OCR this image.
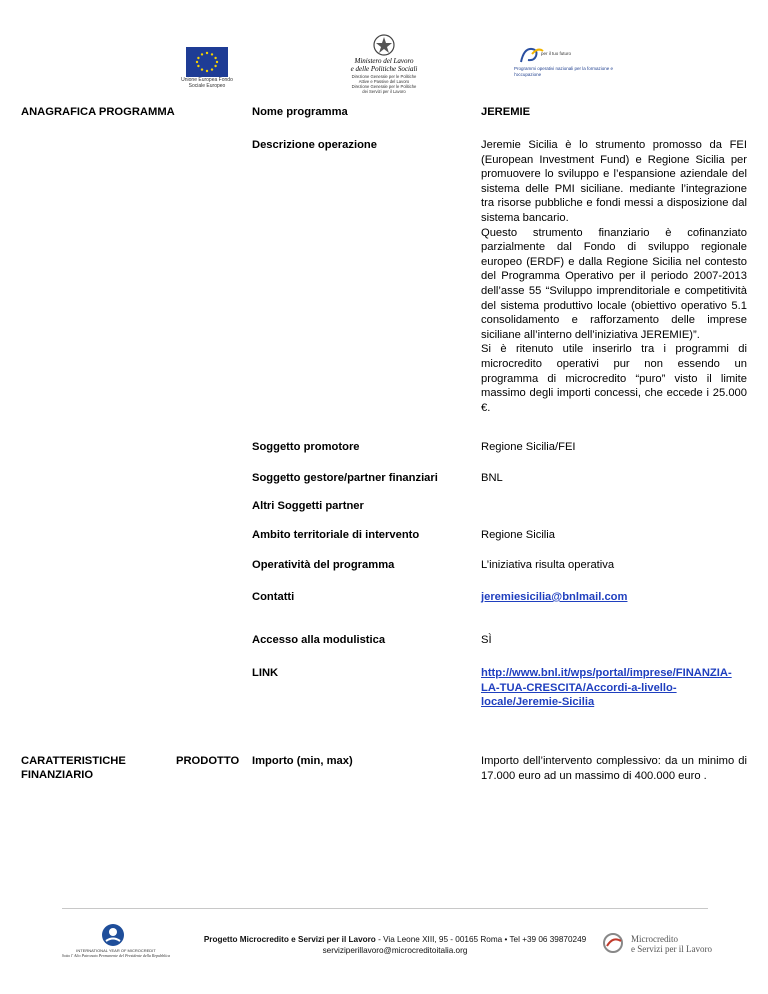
Unione Europea Fondo Sociale Europeo
Ministero del Lavoro
e delle Politiche Sociali
Direzione Generale per le Politiche
Attive e Passive del Lavoro
Direzione Generale per le Politiche
dei Servizi per il Lavoro
per il tuo futuro
Programmi operativi nazionali per la formazione e l'occupazione
ANAGRAFICA PROGRAMMA	Nome programma	JEREMIE
Descrizione operazione	Jeremie Sicilia è lo strumento promosso da FEI (European Investment Fund) e Regione Sicilia per promuovere lo sviluppo e l’espansione aziendale del sistema delle PMI siciliane. mediante l’integrazione tra risorse pubbliche e fondi messi a disposizione dal sistema bancario.
Questo strumento finanziario è cofinanziato parzialmente dal Fondo di sviluppo regionale europeo (ERDF) e dalla Regione Sicilia nel contesto del Programma Operativo per il periodo 2007-2013 dell’asse 55 “Sviluppo imprenditoriale e competitività del sistema produttivo locale (obiettivo operativo 5.1 consolidamento e rafforzamento delle imprese siciliane all’interno dell’iniziativa JEREMIE)”.
Si è ritenuto utile inserirlo tra i programmi di microcredito operativi pur non essendo un programma di microcredito “puro” visto il limite massimo degli importi concessi, che eccede i 25.000 €.
Soggetto promotore	Regione Sicilia/FEI
Soggetto gestore/partner finanziari	BNL
Altri Soggetti partner
Ambito territoriale di intervento	Regione Sicilia
Operatività del programma	L’iniziativa risulta operativa
Contatti	jeremiesicilia@bnlmail.com
Accesso alla modulistica	SÌ
LINK	http://www.bnl.it/wps/portal/imprese/FINANZIA-
LA-TUA-CRESCITA/Accordi-a-livello-
locale/Jeremie-Sicilia
CARATTERISTICHE	PRODOTTO
FINANZIARIO
Importo (min, max)	Importo dell’intervento complessivo: da un minimo di 17.000 euro ad un massimo di 400.000 euro .
INTERNATIONAL YEAR OF MICROCREDIT
Sotto l' Alto Patronato Permanente del Presidente della Repubblica
Progetto Microcredito e Servizi per il Lavoro - Via Leone XIII, 95 - 00165 Roma • Tel +39 06 39870249
serviziperillavoro@microcreditoitalia.org
Microcredito
e Servizi per il Lavoro
